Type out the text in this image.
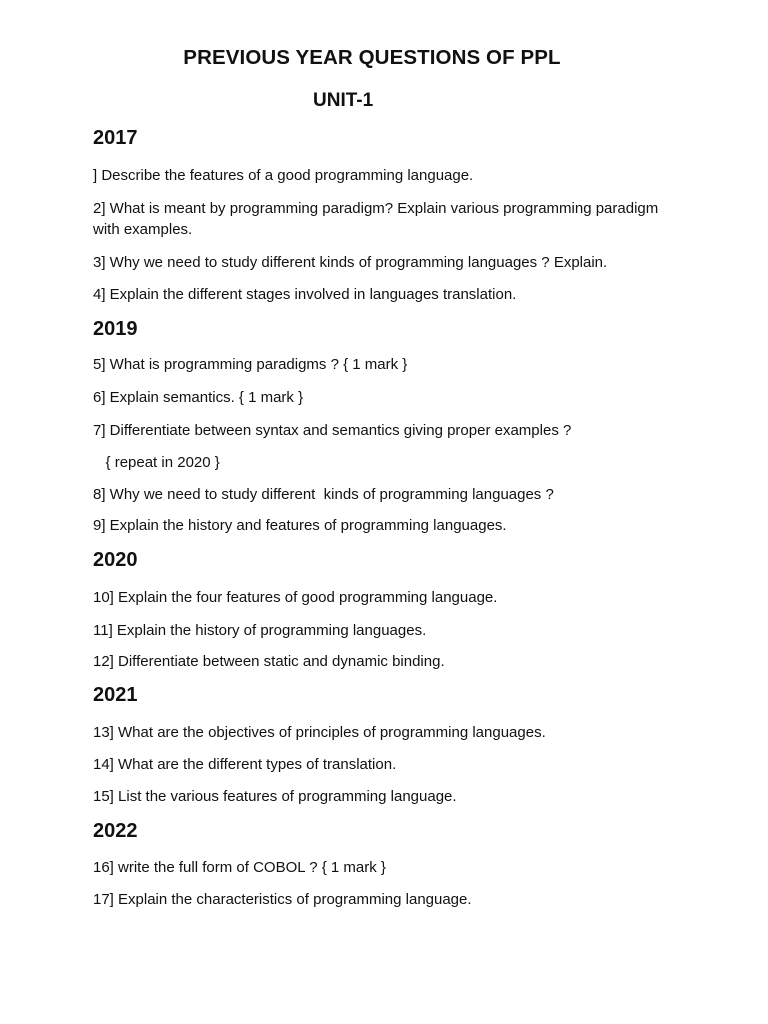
PREVIOUS YEAR QUESTIONS OF PPL
UNIT-1
2017
] Describe the features of a good programming language.
2] What is meant by programming paradigm? Explain various programming paradigm with examples.
3] Why we need to study different kinds of programming languages ? Explain.
4] Explain the different stages involved in languages translation.
2019
5] What is programming paradigms ? { 1 mark }
6] Explain semantics. { 1 mark }
7] Differentiate between syntax and semantics giving proper examples ?
{ repeat in 2020 }
8] Why we need to study different  kinds of programming languages ?
9] Explain the history and features of programming languages.
2020
10] Explain the four features of good programming language.
11] Explain the history of programming languages.
12] Differentiate between static and dynamic binding.
2021
13] What are the objectives of principles of programming languages.
14] What are the different types of translation.
15] List the various features of programming language.
2022
16] write the full form of COBOL ? { 1 mark }
17] Explain the characteristics of programming language.
